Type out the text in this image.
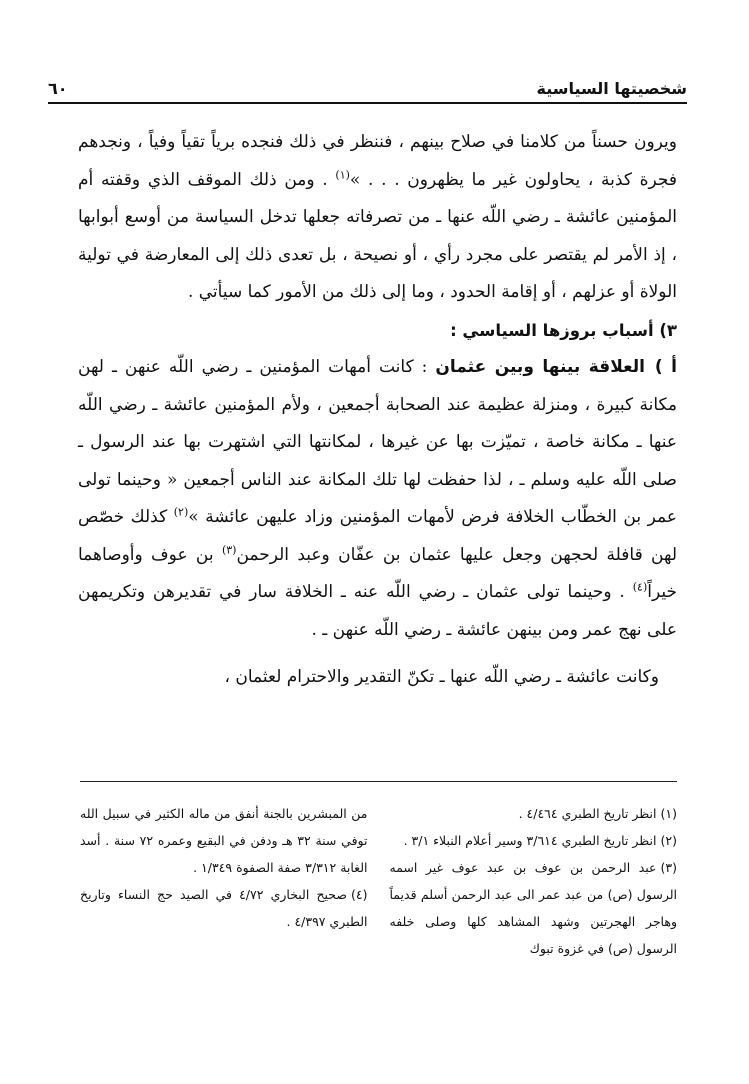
شخصيتها السياسية
٦٠

ويرون حسناً من كلامنا في صلاح بينهم ، فننظر في ذلك فنجده برياً تقياً وفياً ، ونجدهم فجرة كذبة ، يحاولون غير ما يظهرون . . . »$^{(١)}$ . ومن ذلك الموقف الذي وقفته أم المؤمنين عائشة ـ رضي اللّه عنها ـ من تصرفاته جعلها تدخل السياسة من أوسع أبوابها ، إذ الأمر لم يقتصر على مجرد رأي ، أو نصيحة ، بل تعدى ذلك إلى المعارضة في تولية الولاة أو عزلهم ، أو إقامة الحدود ، وما إلى ذلك من الأمور كما سيأتي .

٣) أسباب بروزها السياسي :

أ )العلاقة بينها وبين عثمان : كانت أمهات المؤمنين ـ رضي اللّه عنهن ـ لهن مكانة كبيرة ، ومنزلة عظيمة عند الصحابة أجمعين ، ولأم المؤمنين عائشة ـ رضي اللّه عنها ـ مكانة خاصة ، تميّزت بها عن غيرها ، لمكانتها التي اشتهرت بها عند الرسول ـ صلى اللّه عليه وسلم ـ ، لذا حفظت لها تلك المكانة عند الناس أجمعين « وحينما تولى عمر بن الخطّاب الخلافة فرض لأمهات المؤمنين وزاد عليهن عائشة »$^{(٢)}$ كذلك خصّص لهن قافلة لحجهن وجعل عليها عثمان بن عفّان وعبد الرحمن$^{(٣)}$ بن عوف وأوصاهما خيراً$^{(٤)}$ . وحينما تولى عثمان ـ رضي اللّه عنه ـ الخلافة سار في تقديرهن وتكريمهن على نهج عمر ومن بينهن عائشة ـ رضي اللّه عنهن ـ .

وكانت عائشة ـ رضي اللّه عنها ـ تكنّ التقدير والاحترام لعثمان ،

(١)انظر تاريخ الطبري ٤/٤٦٤ .

(٢)انظر تاريخ الطبري ٣/٦١٤ وسير أعلام النبلاء ٣/١ .

(٣)عبد الرحمن بن عوف بن عبد عوف غير اسمه الرسول (ص) من عبد عمر الى عبد الرحمن أسلم قديماً وهاجر الهجرتين وشهد المشاهد كلها وصلى خلفه الرسول (ص) في غزوة تبوك

من المبشرين بالجنة أنفق من ماله الكثير في سبيل الله توفي سنة ٣٢ هـ ودفن في البقيع وعمره ٧٢ سنة . أسد الغابة ٣/٣١٢ صفة الصفوة ١/٣٤٩ .

(٤)صحيح البخاري ٤/٧٢ في الصيد حج النساء وتاريخ الطبري ٤/٣٩٧ .
